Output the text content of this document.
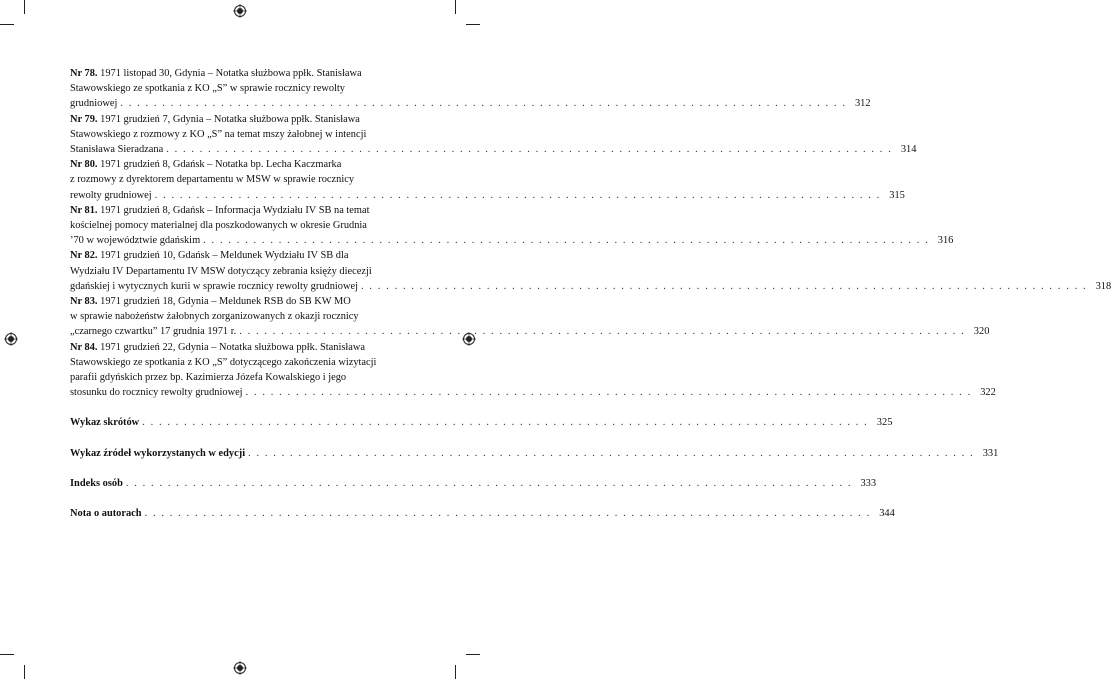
Nr 78. 1971 listopad 30, Gdynia – Notatka służbowa ppłk. Stanisława
Stawowskiego ze spotkania z KO „S” w sprawie rocznicy rewolty
grudniowej . . . . . . . . . . . . . . . . . . . . . . . . . . . . . . . . . . . . . . . . . . . . . . . . . . . . . . . . . . . . . . . . . . . . . . . . . . . . . . . . . . . . . . . 312
Nr 79. 1971 grudzień 7, Gdynia – Notatka służbowa ppłk. Stanisława
Stawowskiego z rozmowy z KO „S” na temat mszy żałobnej w intencji
Stanisława Sieradzana . . . . . . . . . . . . . . . . . . . . . . . . . . . . . . . . . . . . . . . . . . . . . . . . . . . . . . . . . . . . . . . . . . . . . . . . . . . . . . . . . . . . . . . 314
Nr 80. 1971 grudzień 8, Gdańsk – Notatka bp. Lecha Kaczmarka
z rozmowy z dyrektorem departamentu w MSW w sprawie rocznicy
rewolty grudniowej . . . . . . . . . . . . . . . . . . . . . . . . . . . . . . . . . . . . . . . . . . . . . . . . . . . . . . . . . . . . . . . . . . . . . . . . . . . . . . . . . . . . . . . 315
Nr 81. 1971 grudzień 8, Gdańsk – Informacja Wydziału IV SB na temat
kościelnej pomocy materialnej dla poszkodowanych w okresie Grudnia
’70 w województwie gdańskim . . . . . . . . . . . . . . . . . . . . . . . . . . . . . . . . . . . . . . . . . . . . . . . . . . . . . . . . . . . . . . . . . . . . . . . . . . . . . . . . . . . . . . . 316
Nr 82. 1971 grudzień 10, Gdańsk – Meldunek Wydziału IV SB dla
Wydziału IV Departamentu IV MSW dotyczący zebrania księży diecezji
gdańskiej i wytycznych kurii w sprawie rocznicy rewolty grudniowej . . . . . . . . . . . . . . . . . . . . . . . . . . . . . . . . . . . . . . . . . . . . . . . . . . . . . . . . . . . . . . . . . . . . . . . . . . . . . . . . . . . . . . . 318
Nr 83. 1971 grudzień 18, Gdynia – Meldunek RSB do SB KW MO
w sprawie nabożeństw żałobnych zorganizowanych z okazji rocznicy
„czarnego czwartku” 17 grudnia 1971 r. . . . . . . . . . . . . . . . . . . . . . . . . . . . . . . . . . . . . . . . . . . . . . . . . . . . . . . . . . . . . . . . . . . . . . . . . . . . . . . . . . . . . . . . 320
Nr 84. 1971 grudzień 22, Gdynia – Notatka służbowa ppłk. Stanisława
Stawowskiego ze spotkania z KO „S” dotyczącego zakończenia wizytacji
parafii gdyńskich przez bp. Kazimierza Józefa Kowalskiego i jego
stosunku do rocznicy rewolty grudniowej . . . . . . . . . . . . . . . . . . . . . . . . . . . . . . . . . . . . . . . . . . . . . . . . . . . . . . . . . . . . . . . . . . . . . . . . . . . . . . . . . . . . . . . 322
Wykaz skrótów . . . . . . . . . . . . . . . . . . . . . . . . . . . . . . . . . . . . . . . . . . . . . . . . . . . . . . . . . . . . . . . . . . . . . . . . . . . . . . . . . . . . . . . 325
Wykaz źródeł wykorzystanych w edycji . . . . . . . . . . . . . . . . . . . . . . . . . . . . . . . . . . . . . . . . . . . . . . . . . . . . . . . . . . . . . . . . . . . . . . . . . . . . . . . . . . . . . . . 331
Indeks osób . . . . . . . . . . . . . . . . . . . . . . . . . . . . . . . . . . . . . . . . . . . . . . . . . . . . . . . . . . . . . . . . . . . . . . . . . . . . . . . . . . . . . . . 333
Nota o autorach . . . . . . . . . . . . . . . . . . . . . . . . . . . . . . . . . . . . . . . . . . . . . . . . . . . . . . . . . . . . . . . . . . . . . . . . . . . . . . . . . . . . . . . 344
